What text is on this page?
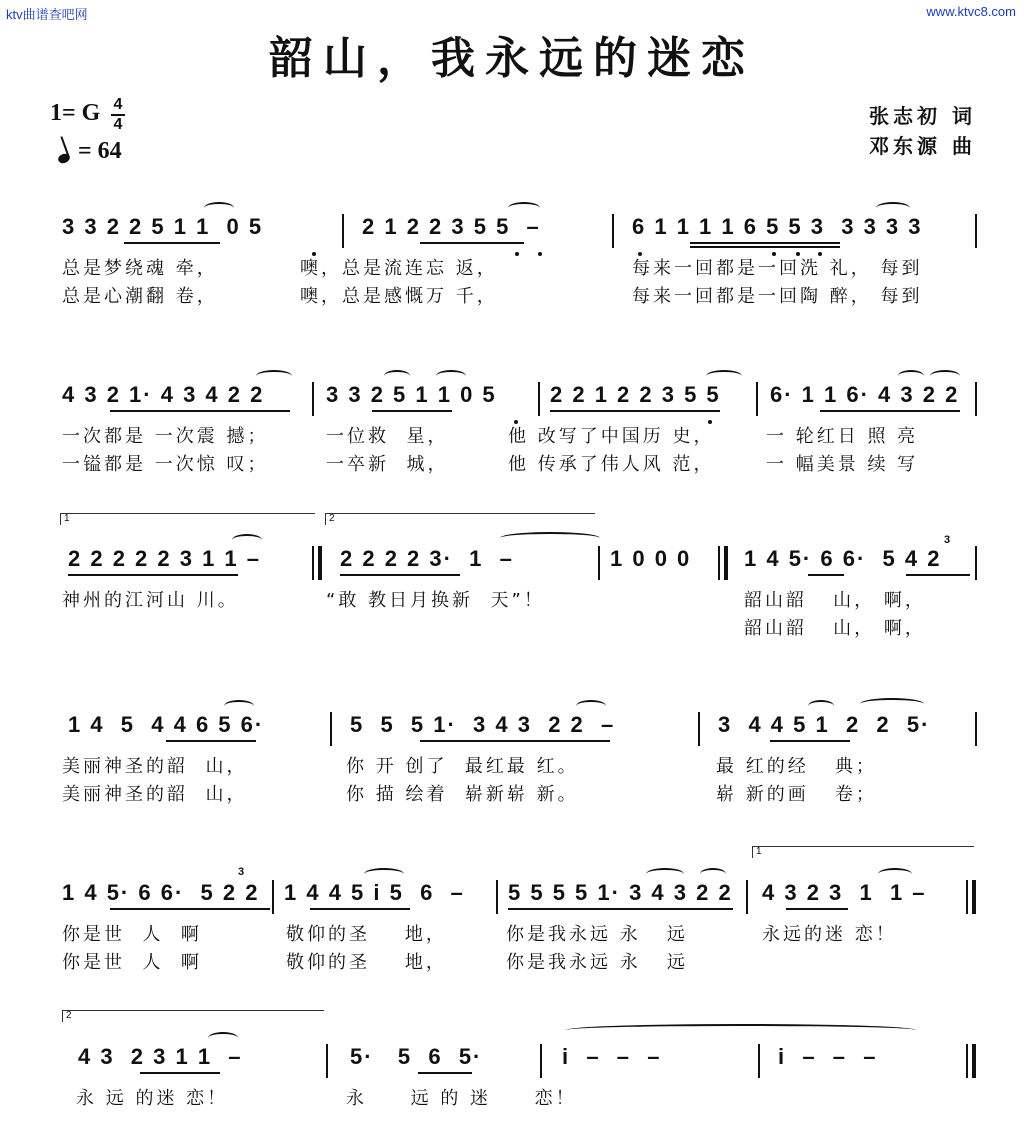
ktv曲谱查吧网	www.ktvc8.com
韶山，我永远的迷恋
1= G 4
4
= 64
张志初 词
邓东源 曲
3 3 2 2 5 1 1  0 5	2 1 2 2 3 5 5  –	6 1 1 1 1 6 5 5 3  3 3 3 3
总是梦绕魂 牵，	噢，总是流连忘 返，	每来一回都是一回洗 礼， 每到
总是心潮翻 卷，	噢，总是感慨万 千，	每来一回都是一回陶 醉， 每到
4 3 2 1· 4 3 4 2 2	3 3 2 5 1 1 0 5 2 2 1 2 2 3 5 5 6· 1 1 6· 4 3 2 2
一次都是 一次震 撼；	一位救  星，	他 改写了中国历 史，	一 轮红日 照 亮
一镒都是 一次惊 叹；	一卒新  城，	他 传承了伟人风 范，	一 幅美景 续 写
1	2
2 2 2 2 2 3 1 1 –	2 2 2 2 3·  1  –	1 0 0 0 1 4 5· 6 6·  5 4 2
3
神州的江河山 川。	“敢 教日月换新  天”！	韶山韶   山， 啊，
韶山韶   山， 啊，
1 4  5  4 4 6 5 6·	5  5  5 1·  3 4 3  2 2  –	3  4 4 5 1  2  2  5·
美丽神圣的韶  山，	你 开 创了  最红最 红。	最 红的经   典；
美丽神圣的韶  山，	你 描 绘着  崭新崭 新。	崭 新的画   卷；
1
1 4 5· 6 6·  5 2 2 1 4 4 5 i 5  6  – 5 5 5 5 1· 3 4 3 2 2 4 3 2 3  1  1 –
3
你是世  人  啊	敬仰的圣    地，	你是我永远 永   远	永远的迷 恋！
你是世  人  啊	敬仰的圣    地，	你是我永远 永   远
2
4 3  2 3 1 1  –	5·   5  6  5·	i  –  –  –	i  –  –  –
永 远 的迷 恋！	永     远 的 迷     恋！
